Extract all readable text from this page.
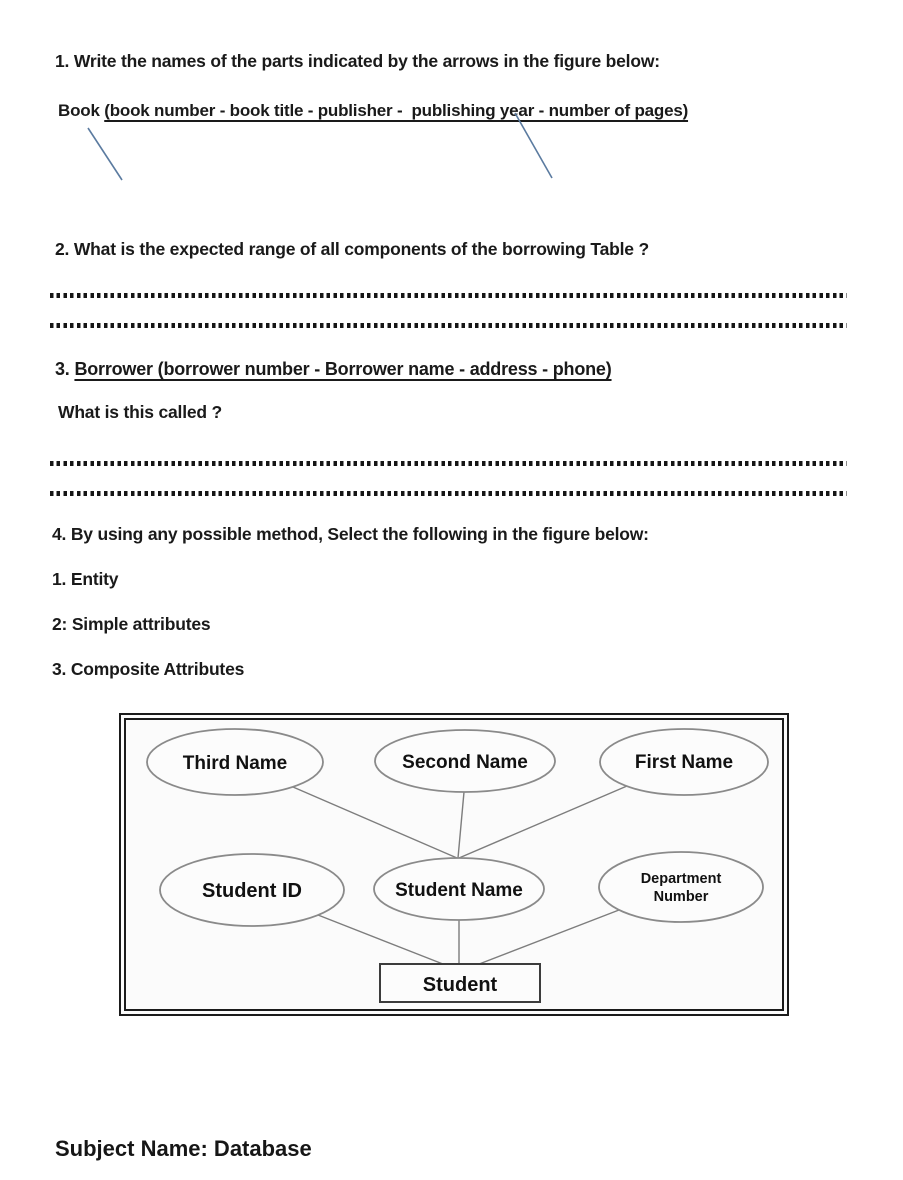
1. Write the names of the parts indicated by the arrows in the figure below:

Book (book number - book title - publisher -  publishing year - number of pages)

2. What is the expected range of all components of the borrowing Table ?

3. Borrower (borrower number - Borrower name - address - phone)

What is this called ?

4. By using any possible method, Select the following in the figure below:

1. Entity

2: Simple attributes

3. Composite Attributes

Third Name	Second Name	First Name
Student ID	Student Name
Department
Number
Student

Subject Name: Database
